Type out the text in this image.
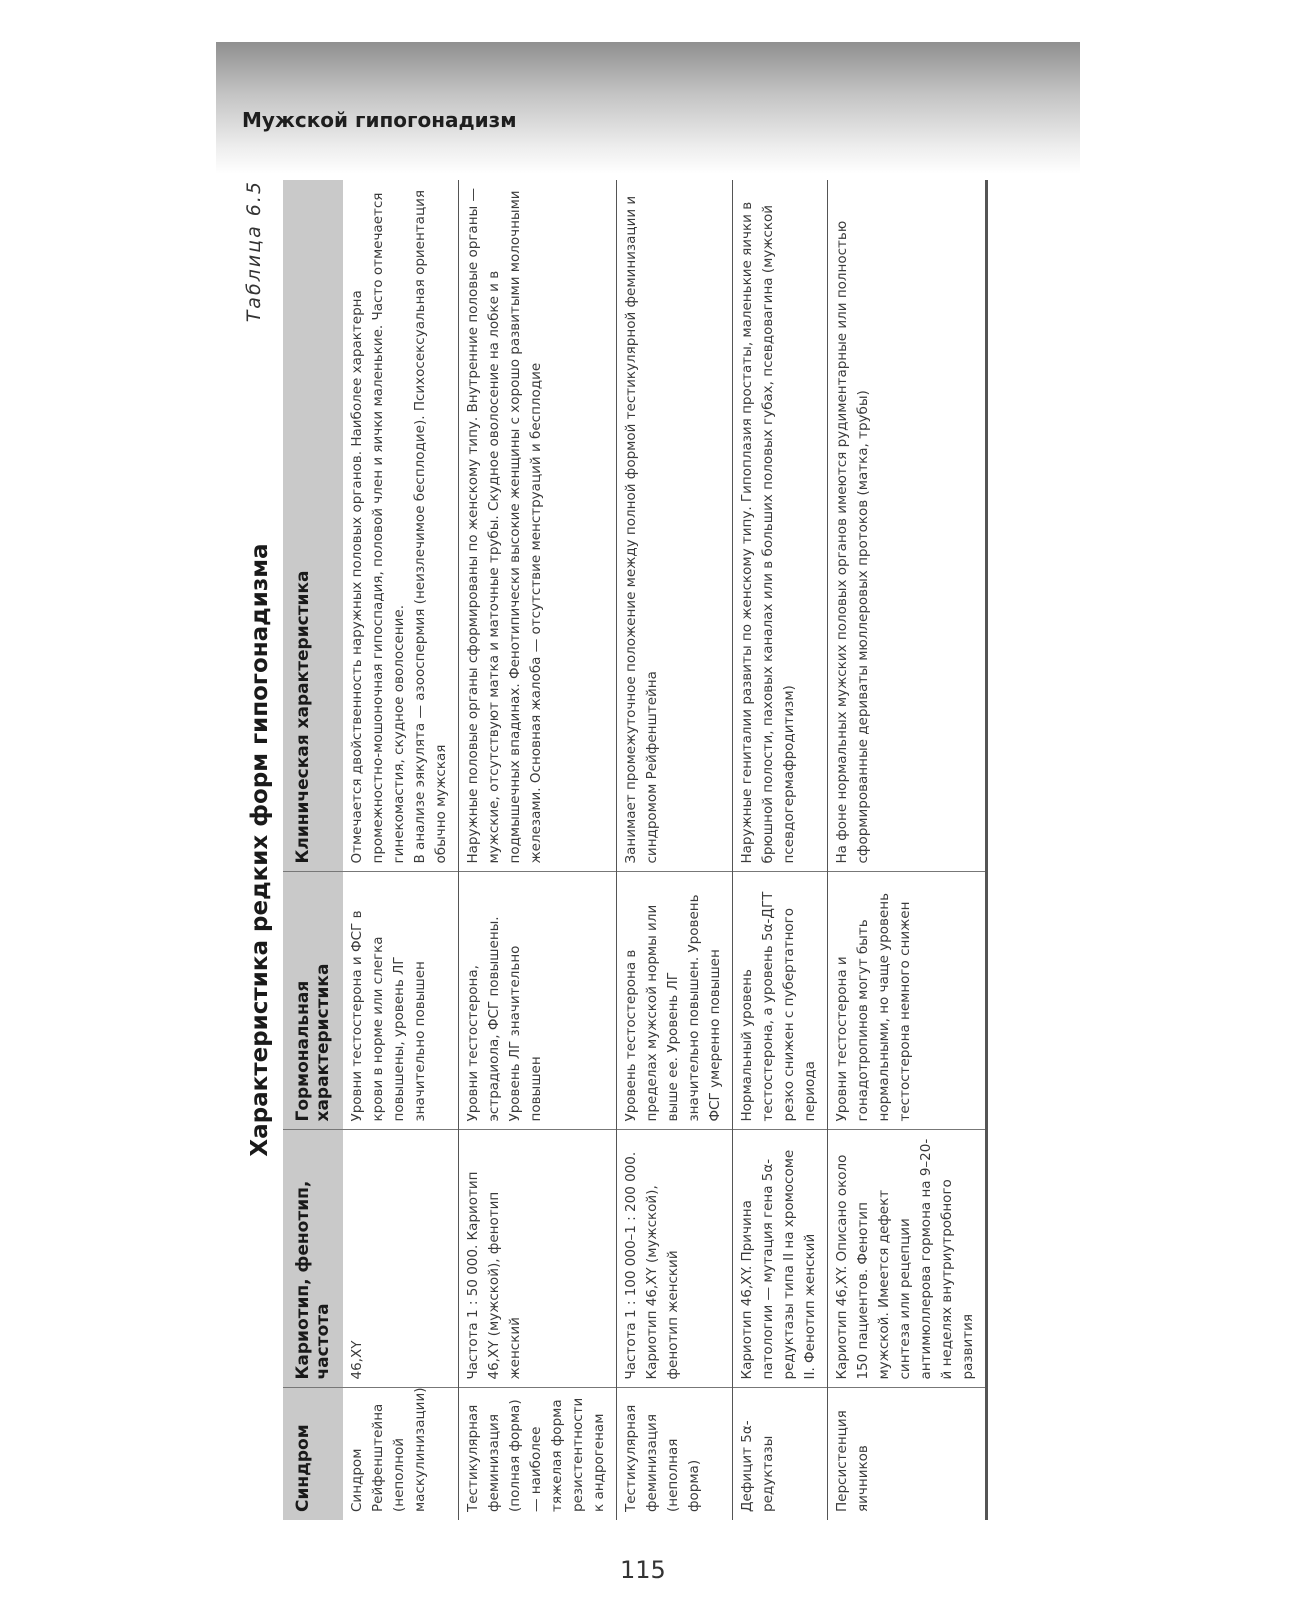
Мужской гипогонадизм
Таблица 6.5
Характеристика редких форм гипогонадизма
Синдром	Кариотип, фенотип, частота	Гормональная характеристика	Клиническая характеристика
Синдром Рейфенштейна (неполной маскулинизации)	46,XY	Уровни тестостерона и ФСГ в крови в норме или слегка повышены, уровень ЛГ значительно повышен	Отмечается двойственность наружных половых органов. Наиболее характерна промежностно-мошоночная гипоспадия, половой член и яички маленькие. Часто отмечается гинекомастия, скудное оволосение. В анализе эякулята — азооспермия (неизлечимое бесплодие). Психосексуальная ориентация обычно мужская

Тестикулярная феминизация (полная форма) — наиболее тяжелая форма резистентности к андрогенам	Частота 1 : 50 000. Кариотип 46,XY (мужской), фенотип женский	Уровни тестостерона, эстрадиола, ФСГ повышены. Уровень ЛГ значительно повышен	Наружные половые органы сформированы по женскому типу. Внутренние половые органы — мужские, отсутствуют матка и маточные трубы. Скудное оволосение на лобке и в подмышечных впадинах. Фенотипически высокие женщины с хорошо развитыми молочными железами. Основная жалоба — отсутствие менструаций и бесплодие
Тестикулярная феминизация (неполная форма)	Частота 1 : 100 000–1 : 200 000. Кариотип 46,XY (мужской), фенотип женский	Уровень тестостерона в пределах мужской нормы или выше ее. Уровень ЛГ значительно повышен. Уровень ФСГ умеренно повышен	Занимает промежуточное положение между полной формой тестикулярной феминизации и синдромом Рейфенштейна
Дефицит 5α-редуктазы	Кариотип 46,XY. Причина патологии — мутация гена 5α-редуктазы типа II на хромосоме II. Фенотип женский	Нормальный уровень тестостерона, а уровень 5α-ДГТ резко снижен с пубертатного периода	Наружные гениталии развиты по женскому типу. Гипоплазия простаты, маленькие яички в брюшной полости, паховых каналах или в больших половых губах, псевдовагина (мужской псевдогермафродитизм)
Персистенция яичников	Кариотип 46,XY. Описано около 150 пациентов. Фенотип мужской. Имеется дефект синтеза или рецепции антимюллерова гормона на 9–20-й неделях внутриутробного развития	Уровни тестостерона и гонадотропинов могут быть нормальными, но чаще уровень тестостерона немного снижен	На фоне нормальных мужских половых органов имеются рудиментарные или полностью сформированные дериваты мюллеровых протоков (матка, трубы)
115
